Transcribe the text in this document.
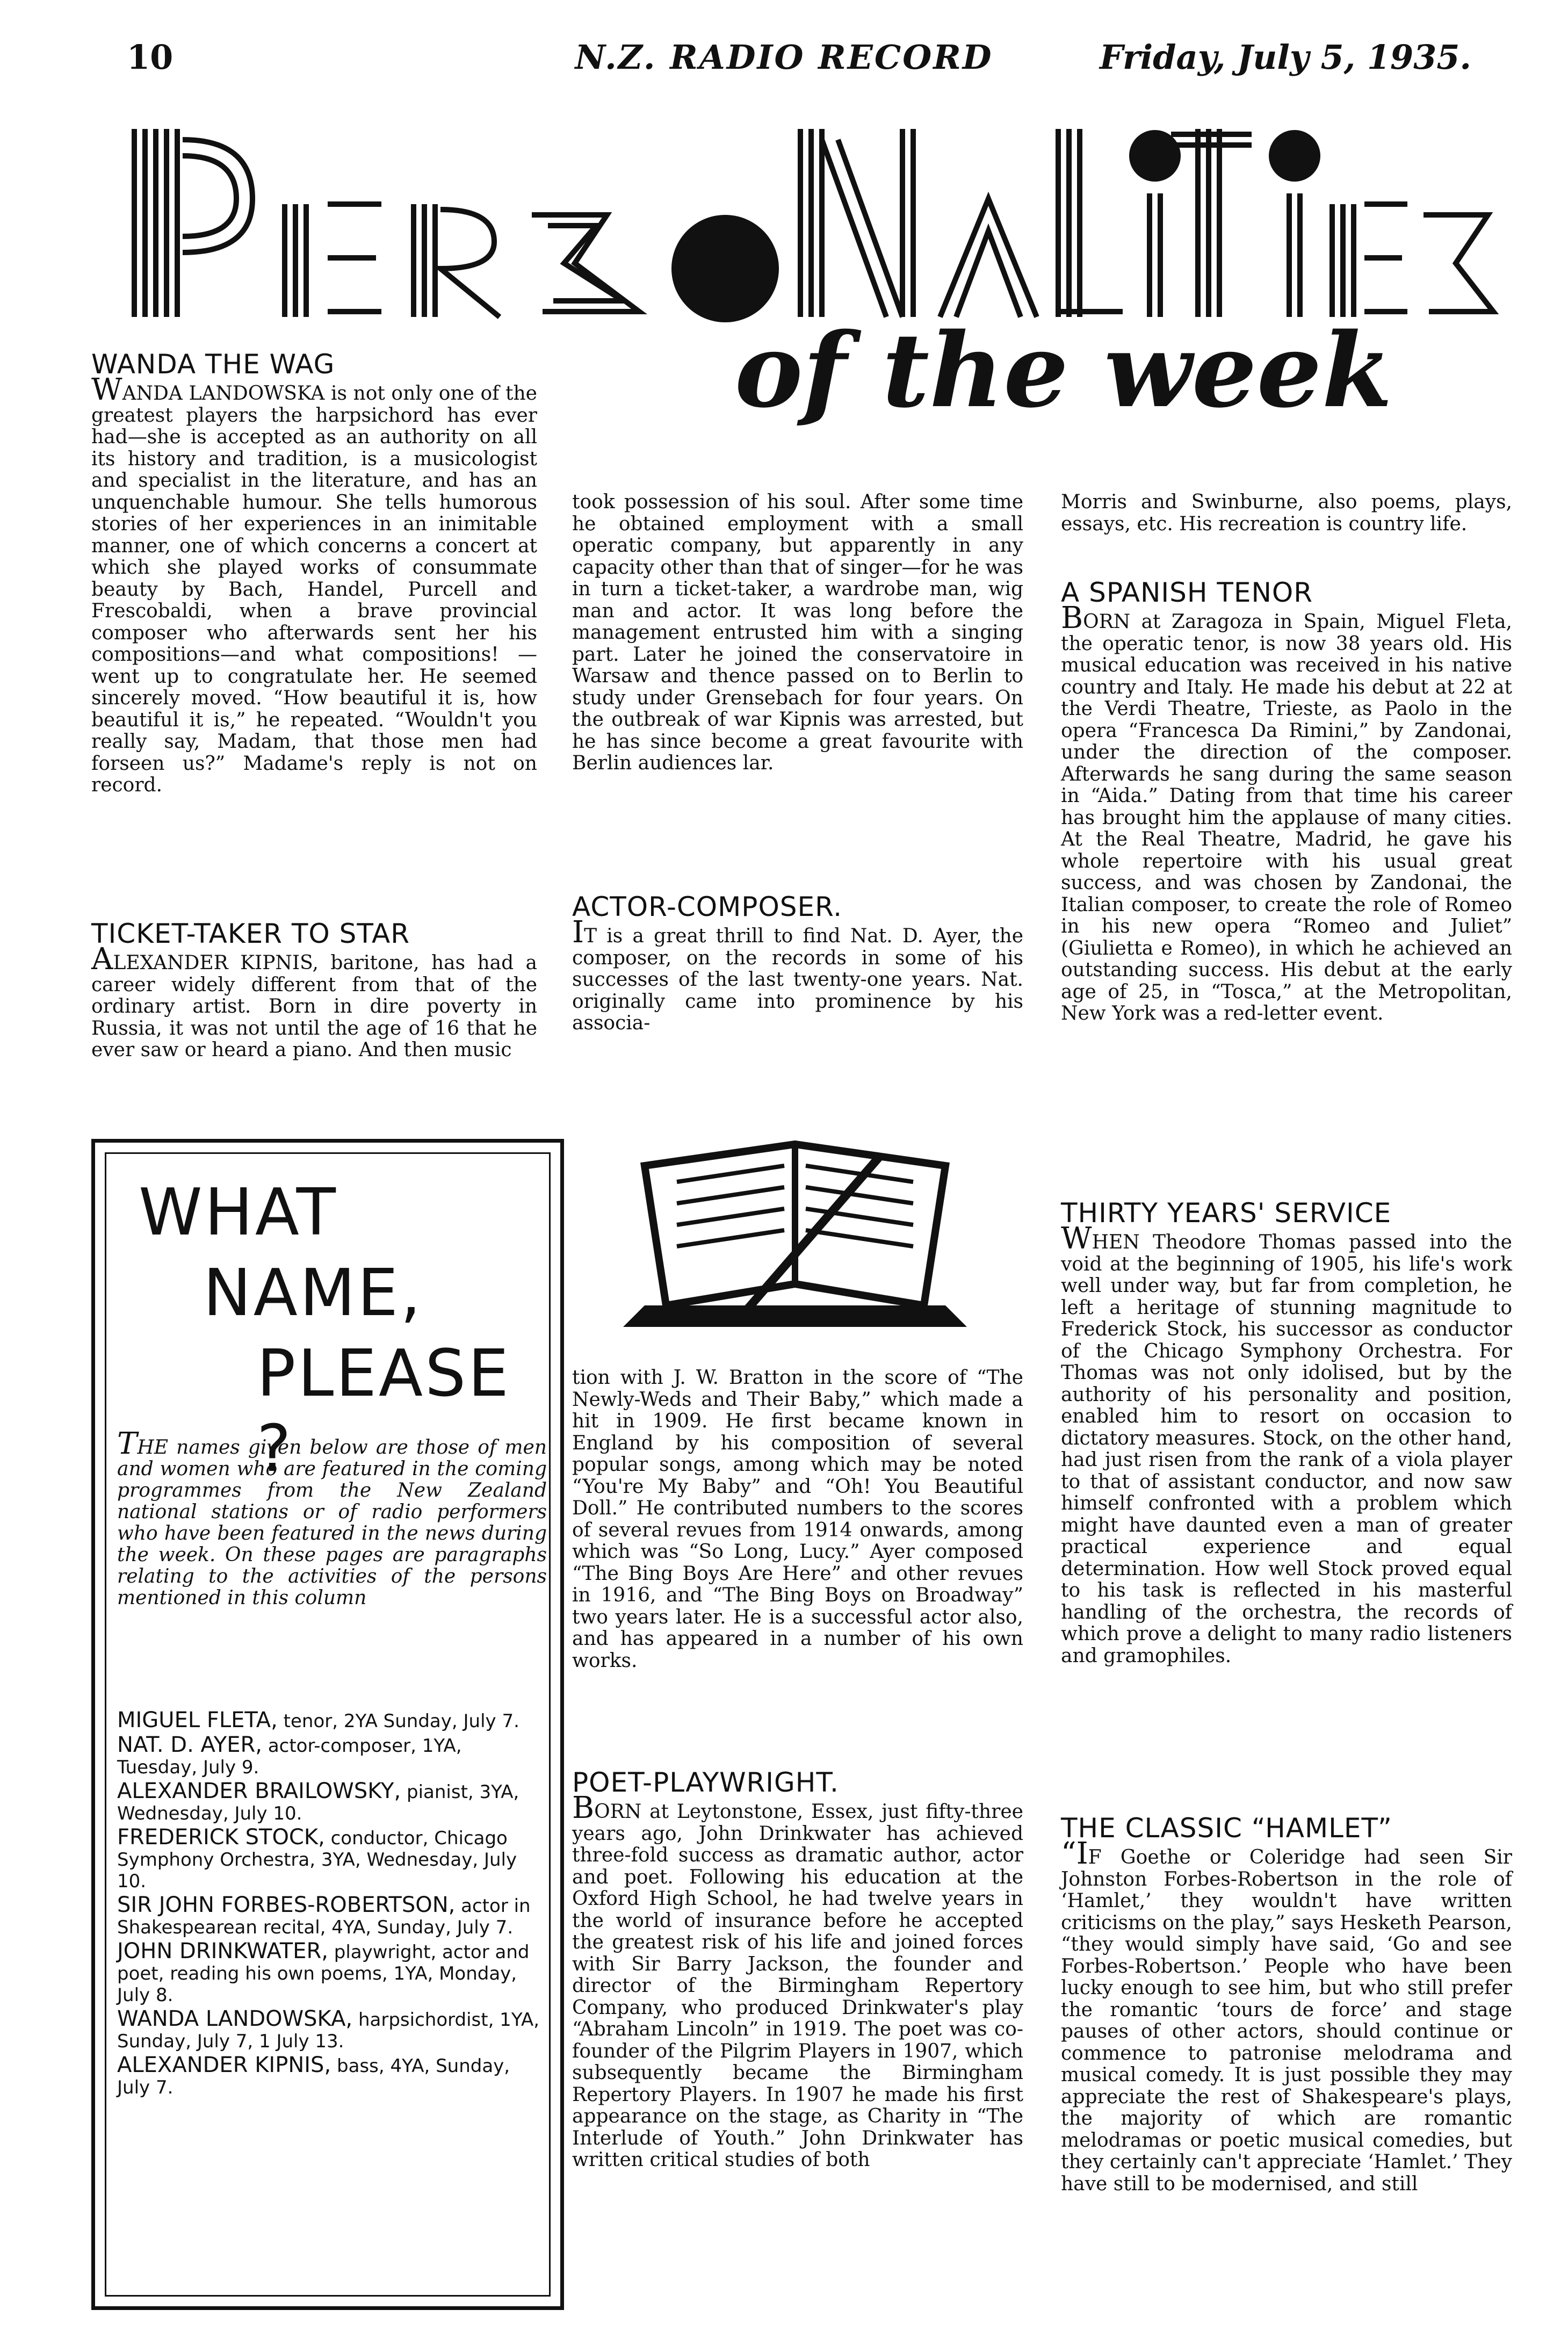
10	N.Z. RADIO RECORD	Friday, July 5, 1935.
of the week
WANDA THE WAG

WANDA LANDOWSKA is not only one of the greatest players the harpsichord has ever had—she is accepted as an authority on all its history and tradition, is a musicologist and specialist in the literature, and has an unquenchable humour. She tells humorous stories of her experiences in an inimitable manner, one of which concerns a concert at which she played works of consummate beauty by Bach, Handel, Purcell and Frescobaldi, when a brave provincial composer who afterwards sent her his compositions—and what compositions! —went up to congratulate her. He seemed sincerely moved. “How beautiful it is, how beautiful it is,” he repeated. “Wouldn't you really say, Madam, that those men had forseen us?” Madame's reply is not on record.

TICKET-TAKER TO STAR

ALEXANDER KIPNIS, baritone, has had a career widely different from that of the ordinary artist. Born in dire poverty in Russia, it was not until the age of 16 that he ever saw or heard a piano. And then music

WHAT
NAME,
PLEASE ?
THE names given below are those of men and women who are featured in the coming programmes from the New Zealand national stations or of radio performers who have been featured in the news during the week. On these pages are paragraphs relating to the activities of the persons mentioned in this column
MIGUEL FLETA, tenor, 2YA Sunday, July 7.
NAT. D. AYER, actor-composer, 1YA, Tuesday, July 9.
ALEXANDER BRAILOWSKY, pianist, 3YA, Wednesday, July 10.
FREDERICK STOCK, conductor, Chicago Symphony Orchestra, 3YA, Wednesday, July 10.
SIR JOHN FORBES-ROBERTSON, actor in Shakespearean recital, 4YA, Sunday, July 7.
JOHN DRINKWATER, playwright, actor and poet, reading his own poems, 1YA, Monday, July 8.
WANDA LANDOWSKA, harpsichordist, 1YA, Sunday, July 7, 1 July 13.
ALEXANDER KIPNIS, bass, 4YA, Sunday, July 7.
took possession of his soul. After some time he obtained employment with a small operatic company, but apparently in any capacity other than that of singer—for he was in turn a ticket-taker, a wardrobe man, wig man and actor. It was long before the management entrusted him with a singing part. Later he joined the conservatoire in Warsaw and thence passed on to Berlin to study under Grensebach for four years. On the outbreak of war Kipnis was arrested, but he has since become a great favourite with Berlin audiences lar.
ACTOR-COMPOSER.

IT is a great thrill to find Nat. D. Ayer, the composer, on the records in some of his successes of the last twenty-one years. Nat. originally came into prominence by his associa-

tion with J. W. Bratton in the score of “The Newly-Weds and Their Baby,” which made a hit in 1909. He first became known in England by his composition of several popular songs, among which may be noted “You're My Baby” and “Oh! You Beautiful Doll.” He contributed numbers to the scores of several revues from 1914 onwards, among which was “So Long, Lucy.” Ayer composed “The Bing Boys Are Here” and other revues in 1916, and “The Bing Boys on Broadway” two years later. He is a successful actor also, and has appeared in a number of his own works.
POET-PLAYWRIGHT.

BORN at Leytonstone, Essex, just fifty-three years ago, John Drinkwater has achieved three-fold success as dramatic author, actor and poet. Following his education at the Oxford High School, he had twelve years in the world of insurance before he accepted the greatest risk of his life and joined forces with Sir Barry Jackson, the founder and director of the Birmingham Repertory Company, who produced Drinkwater's play “Abraham Lincoln” in 1919. The poet was co-founder of the Pilgrim Players in 1907, which subsequently became the Birmingham Repertory Players. In 1907 he made his first appearance on the stage, as Charity in “The Interlude of Youth.” John Drinkwater has written critical studies of both

Morris and Swinburne, also poems, plays, essays, etc. His recreation is country life.
A SPANISH TENOR

BORN at Zaragoza in Spain, Miguel Fleta, the operatic tenor, is now 38 years old. His musical education was received in his native country and Italy. He made his debut at 22 at the Verdi Theatre, Trieste, as Paolo in the opera “Francesca Da Rimini,” by Zandonai, under the direction of the composer. Afterwards he sang during the same season in “Aida.” Dating from that time his career has brought him the applause of many cities. At the Real Theatre, Madrid, he gave his whole repertoire with his usual great success, and was chosen by Zandonai, the Italian composer, to create the role of Romeo in his new opera “Romeo and Juliet” (Giulietta e Romeo), in which he achieved an outstanding success. His debut at the early age of 25, in “Tosca,” at the Metropolitan, New York was a red-letter event.

THIRTY YEARS' SERVICE

WHEN Theodore Thomas passed into the void at the beginning of 1905, his life's work well under way, but far from completion, he left a heritage of stunning magnitude to Frederick Stock, his successor as conductor of the Chicago Symphony Orchestra. For Thomas was not only idolised, but by the authority of his personality and position, enabled him to resort on occasion to dictatory measures. Stock, on the other hand, had just risen from the rank of a viola player to that of assistant conductor, and now saw himself confronted with a problem which might have daunted even a man of greater practical experience and equal determination. How well Stock proved equal to his task is reflected in his masterful handling of the orchestra, the records of which prove a delight to many radio listeners and gramophiles.

THE CLASSIC “HAMLET”

“IF Goethe or Coleridge had seen Sir Johnston Forbes-Robertson in the role of ‘Hamlet,’ they wouldn't have written criticisms on the play,” says Hesketh Pearson, “they would simply have said, ‘Go and see Forbes-Robertson.’ People who have been lucky enough to see him, but who still prefer the romantic ‘tours de force’ and stage pauses of other actors, should continue or commence to patronise melodrama and musical comedy. It is just possible they may appreciate the rest of Shakespeare's plays, the majority of which are romantic melodramas or poetic musical comedies, but they certainly can't appreciate ‘Hamlet.’ They have still to be modernised, and still
